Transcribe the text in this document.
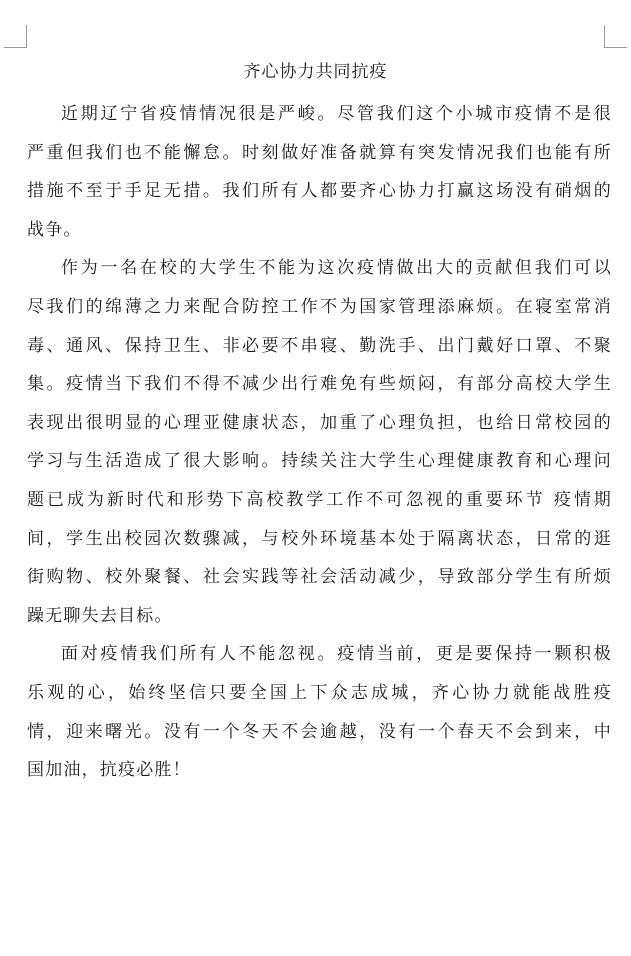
齐心协力共同抗疫
近期辽宁省疫情情况很是严峻。尽管我们这个小城市疫情不是很
严重但我们也不能懈怠。时刻做好准备就算有突发情况我们也能有所
措施不至于手足无措。我们所有人都要齐心协力打赢这场没有硝烟的
战争。
作为一名在校的大学生不能为这次疫情做出大的贡献但我们可以
尽我们的绵薄之力来配合防控工作不为国家管理添麻烦。在寝室常消
毒、通风、保持卫生、非必要不串寝、勤洗手、出门戴好口罩、不聚
集。疫情当下我们不得不减少出行难免有些烦闷，有部分高校大学生
表现出很明显的心理亚健康状态，加重了心理负担，也给日常校园的
学习与生活造成了很大影响。持续关注大学生心理健康教育和心理问
题已成为新时代和形势下高校教学工作不可忽视的重要环节 疫情期
间，学生出校园次数骤减，与校外环境基本处于隔离状态，日常的逛
街购物、校外聚餐、社会实践等社会活动减少，导致部分学生有所烦
躁无聊失去目标。
面对疫情我们所有人不能忽视。疫情当前，更是要保持一颗积极
乐观的心，始终坚信只要全国上下众志成城，齐心协力就能战胜疫
情，迎来曙光。没有一个冬天不会逾越，没有一个春天不会到来，中
国加油，抗疫必胜！
